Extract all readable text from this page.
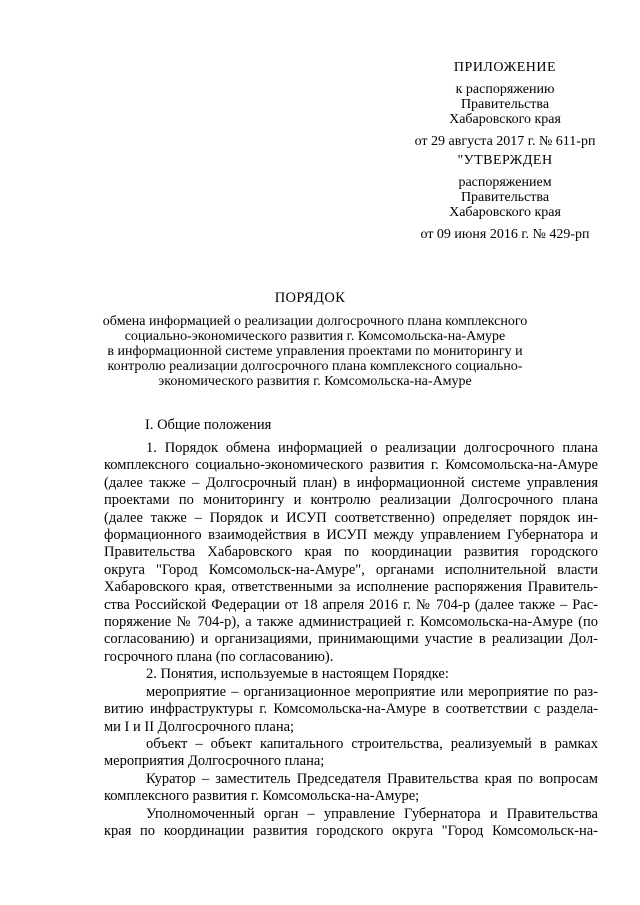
ПРИЛОЖЕНИЕ
к распоряжению
Правительства
Хабаровского края
от 29 августа 2017 г. № 611-рп
"УТВЕРЖДЕН
распоряжением
Правительства
Хабаровского края
от 09 июня 2016 г. № 429-рп
ПОРЯДОК
обмена информацией о реализации долгосрочного плана комплексного
социально-экономического развития г. Комсомольска-на-Амуре
в информационной системе управления проектами по мониторингу и
контролю реализации долгосрочного плана комплексного социально-
экономического развития г. Комсомольска-на-Амуре
I. Общие положения
1. Порядок обмена информацией о реализации долгосрочного плана
комплексного социально-экономического развития г. Комсомольска-на-Амуре
(далее также – Долгосрочный план) в информационной системе управления
проектами по мониторингу и контролю реализации Долгосрочного плана
(далее также – Порядок и ИСУП соответственно) определяет порядок ин-
формационного взаимодействия в ИСУП между управлением Губернатора и
Правительства Хабаровского края по координации развития городского
округа "Город Комсомольск-на-Амуре", органами исполнительной власти
Хабаровского края, ответственными за исполнение распоряжения Правитель-
ства Российской Федерации от 18 апреля 2016 г. № 704-р (далее также – Рас-
поряжение № 704-р), а также администрацией г. Комсомольска-на-Амуре (по
согласованию) и организациями, принимающими участие в реализации Дол-
госрочного плана (по согласованию).
2. Понятия, используемые в настоящем Порядке:
мероприятие – организационное мероприятие или мероприятие по раз-
витию инфраструктуры г. Комсомольска-на-Амуре в соответствии с раздела-
ми I и II Долгосрочного плана;
объект – объект капитального строительства, реализуемый в рамках
мероприятия Долгосрочного плана;
Куратор – заместитель Председателя Правительства края по вопросам
комплексного развития г. Комсомольска-на-Амуре;
Уполномоченный орган – управление Губернатора и Правительства
края по координации развития городского округа "Город Комсомольск-на-
